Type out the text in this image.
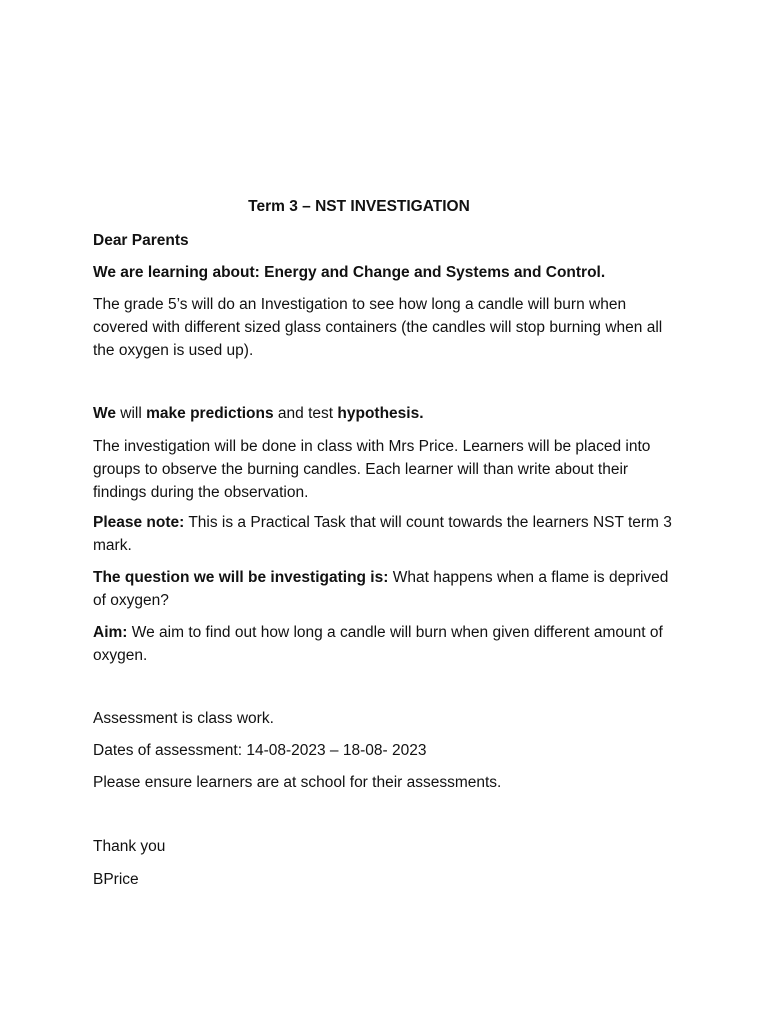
Term 3 – NST INVESTIGATION
Dear Parents
We are learning about: Energy and Change and Systems and Control.
The grade 5’s will do an Investigation to see how long a candle will burn when covered with different sized glass containers (the candles will stop burning when all the oxygen is used up).
We will make predictions and test hypothesis.
The investigation will be done in class with Mrs Price. Learners will be placed into groups to observe the burning candles. Each learner will than write about their findings during the observation.
Please note: This is a Practical Task that will count towards the learners NST term 3 mark.
The question we will be investigating is: What happens when a flame is deprived of oxygen?
Aim: We aim to find out how long a candle will burn when given different amount of oxygen.
Assessment is class work.
Dates of assessment: 14-08-2023 – 18-08- 2023
Please ensure learners are at school for their assessments.
Thank you
BPrice
